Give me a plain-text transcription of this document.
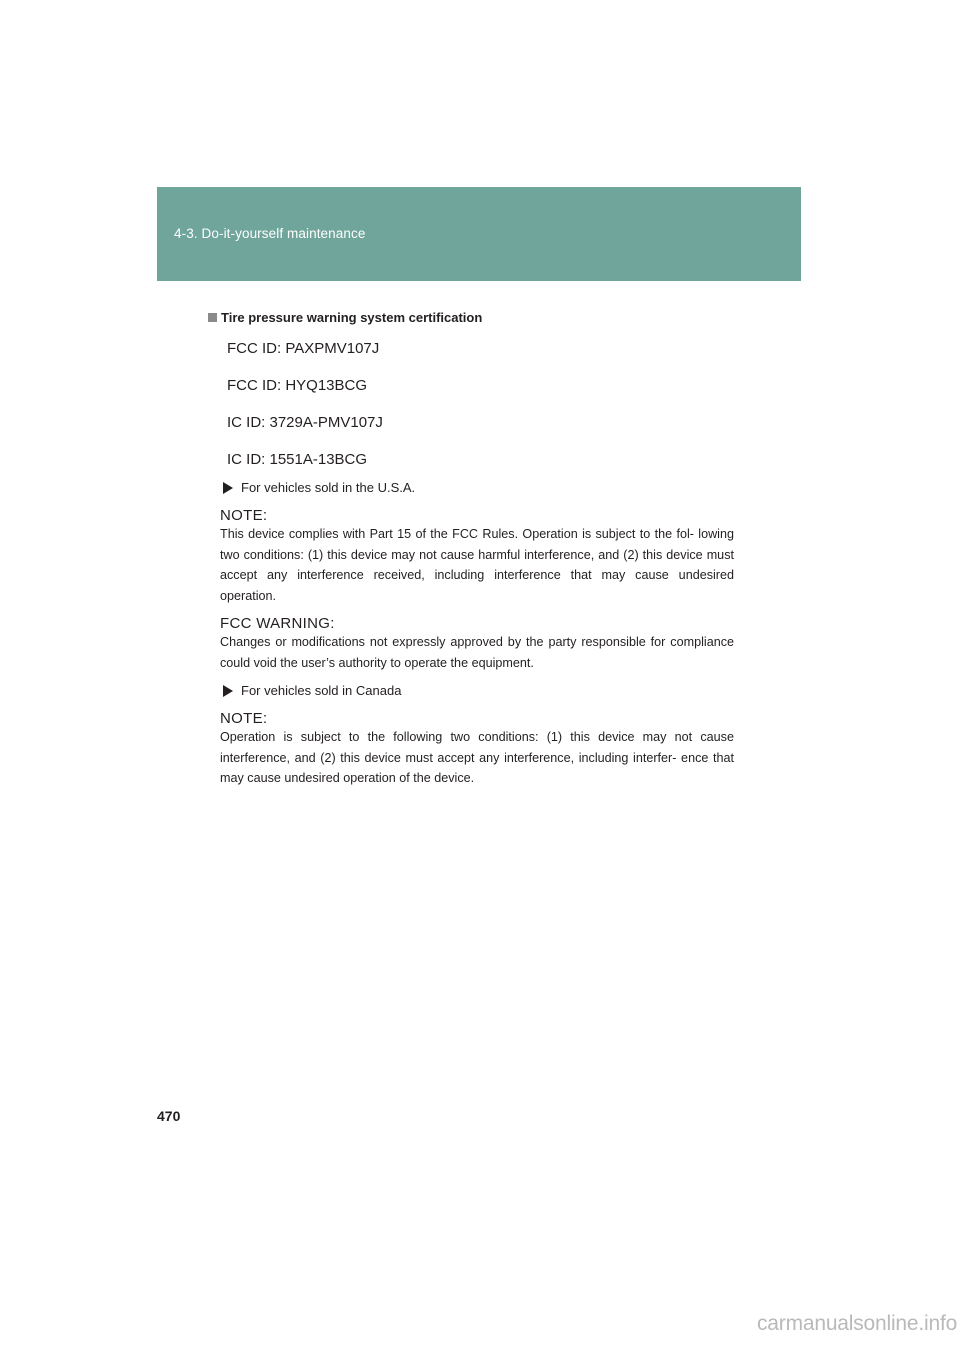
4-3. Do-it-yourself maintenance
Tire pressure warning system certification
FCC ID: PAXPMV107J
FCC ID: HYQ13BCG
IC ID: 3729A-PMV107J
IC ID: 1551A-13BCG
For vehicles sold in the U.S.A.
NOTE:
This device complies with Part 15 of the FCC Rules. Operation is subject to the fol- lowing two conditions: (1) this device may not cause harmful interference, and (2) this device must accept any interference received, including interference that may cause undesired operation.
FCC WARNING:
Changes or modifications not expressly approved by the party responsible for compliance could void the user’s authority to operate the equipment.
For vehicles sold in Canada
NOTE:
Operation is subject to the following two conditions: (1) this device may not cause interference, and (2) this device must accept any interference, including interfer- ence that may cause undesired operation of the device.
470
carmanualsonline.info
